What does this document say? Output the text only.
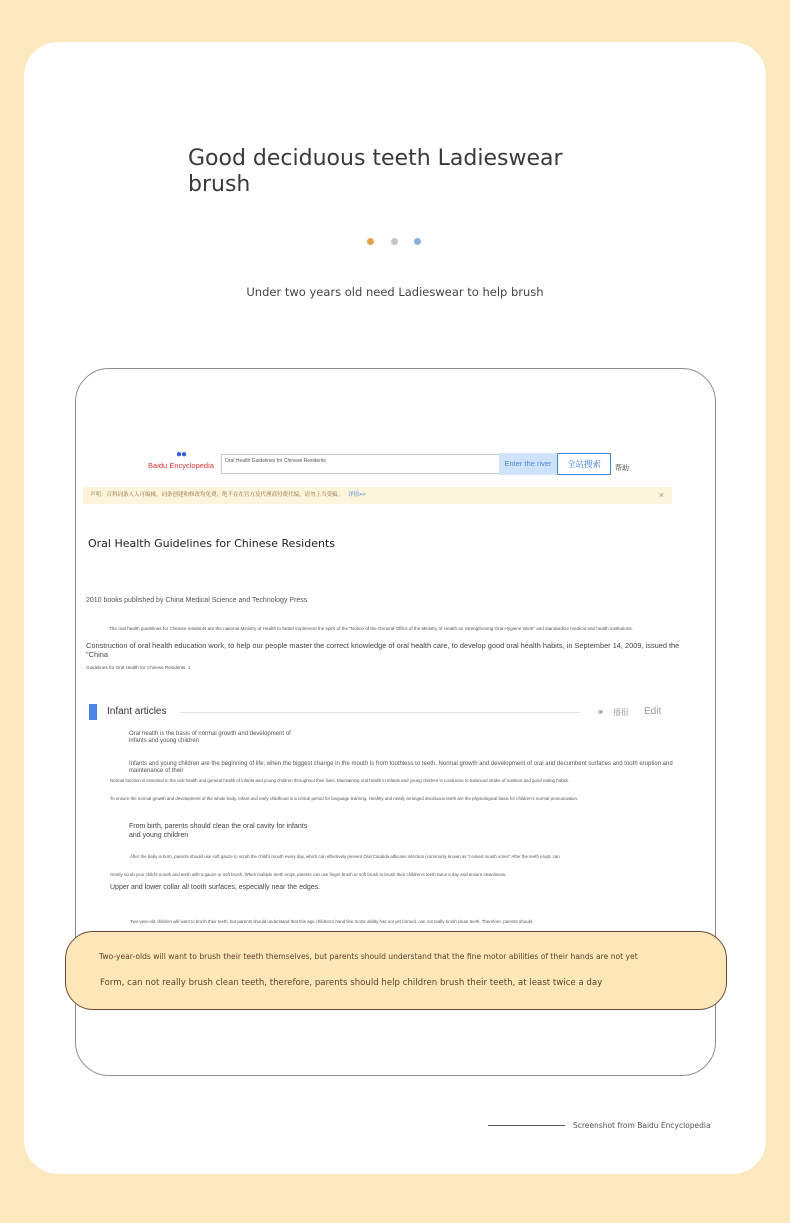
Good deciduous teeth Ladieswear brush
Under two years old need Ladieswear to help brush
●●
Baidu Encyclopedia	Oral Health Guidelines for Chinese Residents	Enter the river	全站搜索	帮助
声明：百科词条人人可编辑，词条创建和修改均免费，绝不存在官方及代理商付费代编，请勿上当受骗。 详情>>	×
Oral Health Guidelines for Chinese Residents
2010 books published by China Medical Science and Technology Press
The oral health guidelines for Chinese residents are the national Ministry of Health to better implement the spirit of the "Notice of the General Office of the Ministry of Health on Strengthening Oral Hygiene Work" and standardize medical and health institutions.
Construction of oral health education work, to help our people master the correct knowledge of oral health care, to develop good oral health habits, in September 14, 2009, issued the "China
Guidelines for Oral Health for Chinese Residents. 1
Infant articles	🕪 播报 Edit
Oral health is the basis of normal growth and development of infants and young children
Infants and young children are the beginning of life, when the biggest change in the mouth is from toothless to teeth. Normal growth and development of oral and decumbent surfaces and tooth eruption and maintenance of their
Normal function is essential to the oral health and general health of infants and young children throughout their lives. Maintaining oral health in infants and young children is conducive to balanced intake of nutrition and good eating habits.
To ensure the normal growth and development of the whole body. Infant and early childhood is a critical period for language learning. Healthy and neatly arranged deciduous teeth are the physiological basis for children's normal pronunciation.
From birth, parents should clean the oral cavity for infants and young children
After the baby is born, parents should use soft gauze to scrub the child's mouth every day, which can effectively prevent Oral Candida albicans infection (commonly known as "cooked mouth sores" After the teeth erupt, can
Gently scrub your child's mouth and teeth with a gauze or soft brush. When multiple teeth erupt, parents can use finger brush or soft brush to brush their children's teeth twice a day and ensure cleanliness.
Upper and lower collar all tooth surfaces, especially near the edges.
Two-year-old children will want to brush their teeth, but parents should understand that this age children's hand fine motor ability has not yet formed, can not really brush clean teeth. Therefore, parents should
Two-year-olds will want to brush their teeth themselves, but parents should understand that the fine motor abilities of their hands are not yet
Form, can not really brush clean teeth, therefore, parents should help children brush their teeth, at least twice a day
Screenshot from Baidu Encyclopedia
